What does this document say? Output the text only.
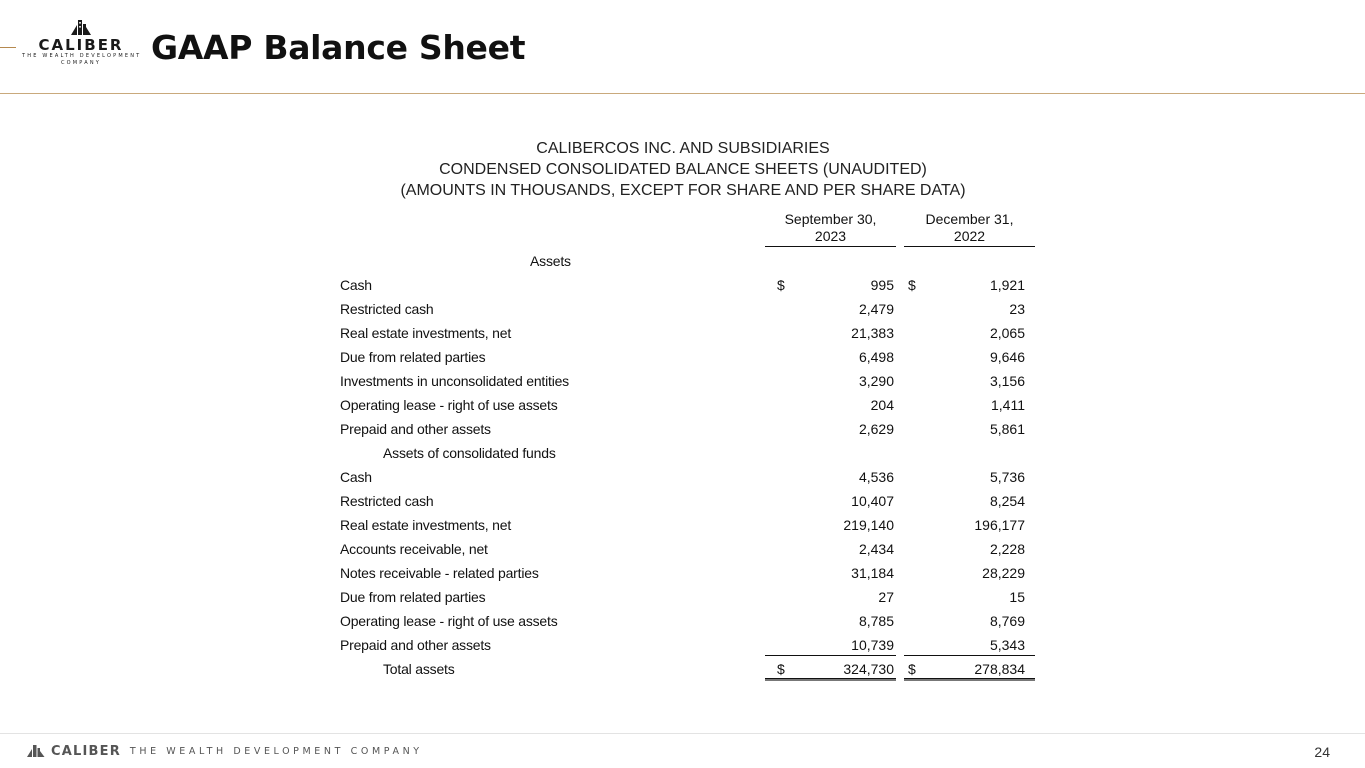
CALIBER
THE WEALTH DEVELOPMENT
COMPANY	GAAP Balance Sheet
CALIBERCOS INC. AND SUBSIDIARIES
CONDENSED CONSOLIDATED BALANCE SHEETS (UNAUDITED)
(AMOUNTS IN THOUSANDS, EXCEPT FOR SHARE AND PER SHARE DATA)
September 30,
2023
December 31,
2022
Assets
Cash	$	995 $	1,921
Restricted cash	2,479	23
Real estate investments, net	21,383	2,065
Due from related parties	6,498	9,646
Investments in unconsolidated entities	3,290	3,156
Operating lease - right of use assets	204	1,411
Prepaid and other assets	2,629	5,861
Assets of consolidated funds
Cash	4,536	5,736
Restricted cash	10,407	8,254
Real estate investments, net	219,140	196,177
Accounts receivable, net	2,434	2,228
Notes receivable - related parties	31,184	28,229
Due from related parties	27	15
Operating lease - right of use assets	8,785	8,769
Prepaid and other assets	10,739	5,343
Total assets	$	324,730 $	278,834
CALIBER THE WEALTH DEVELOPMENT COMPANY	24
